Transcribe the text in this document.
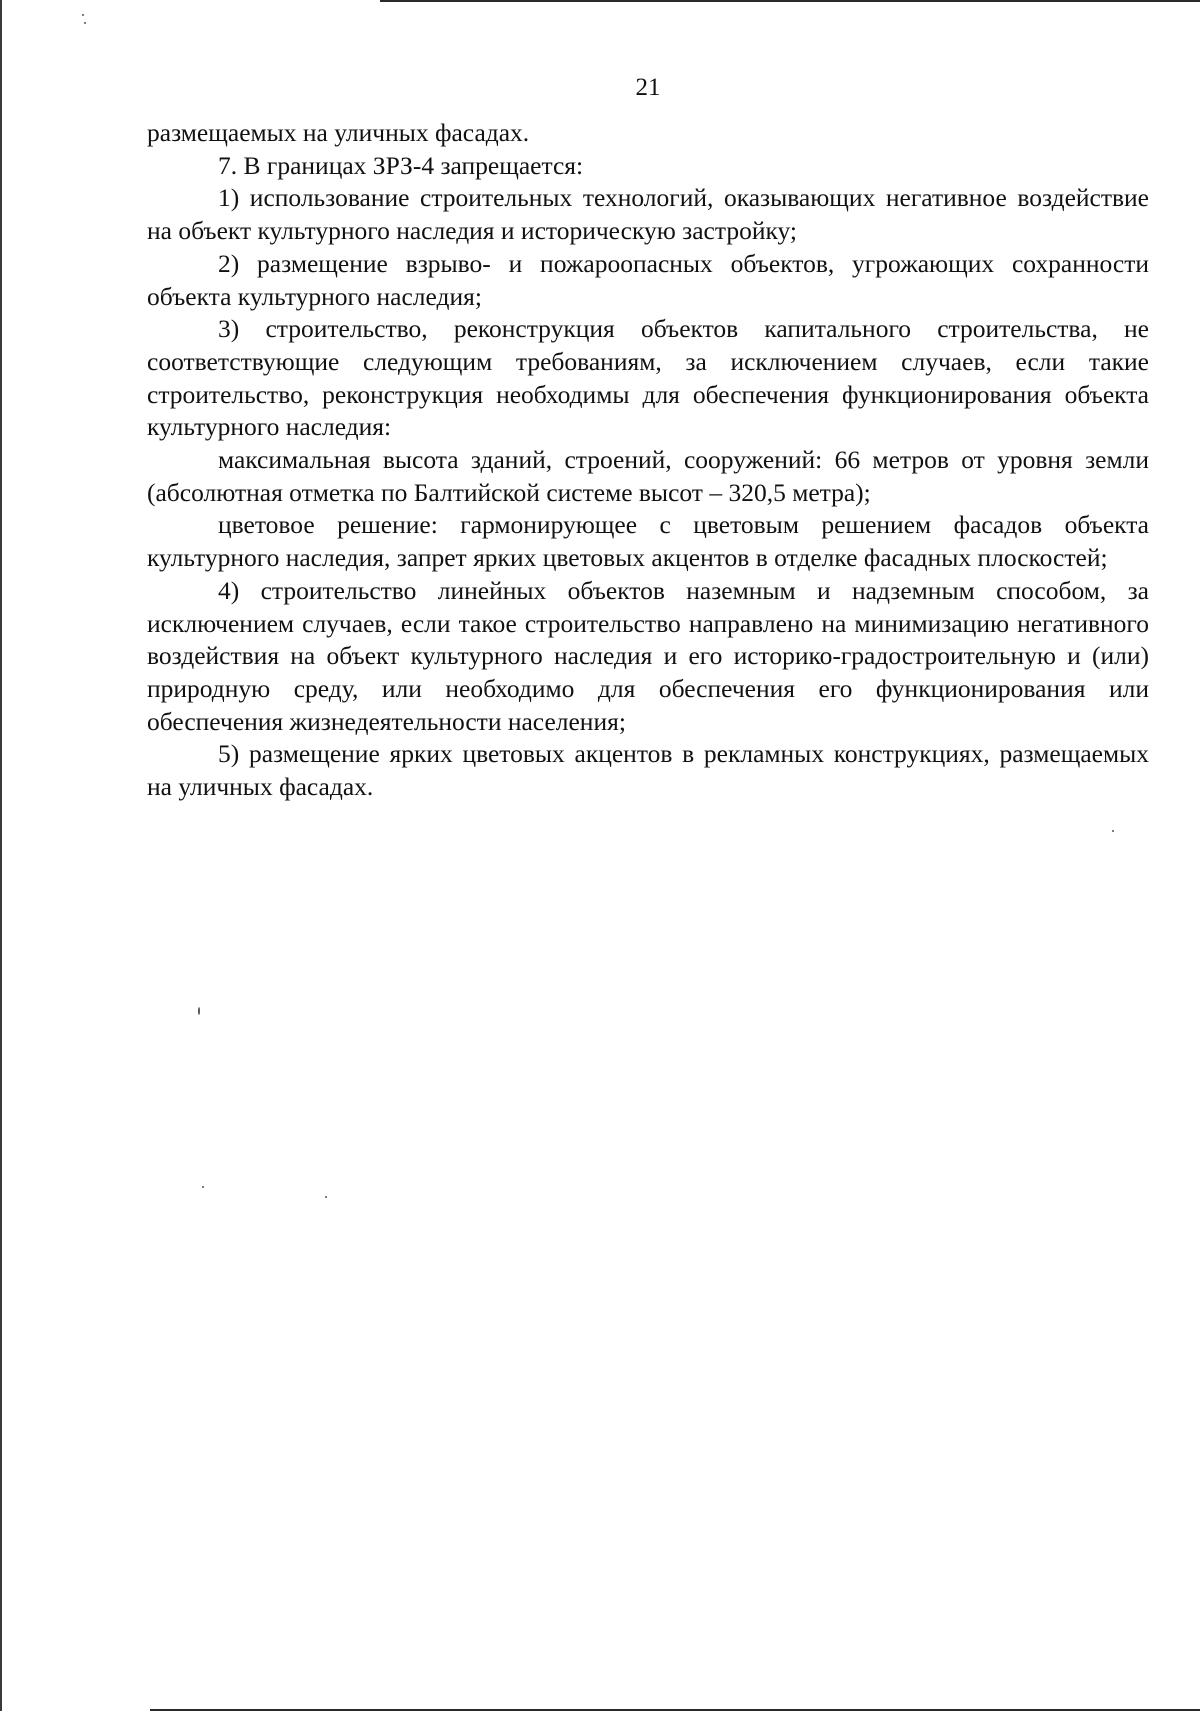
21

размещаемых на уличных фасадах.

7. В границах ЗРЗ-4 запрещается:

1) использование строительных технологий, оказывающих негативное воздействие на объект культурного наследия и историческую застройку;

2) размещение взрыво- и пожароопасных объектов, угрожающих сохранности объекта культурного наследия;

3) строительство, реконструкция объектов капитального строительства, не соответствующие следующим требованиям, за исключением случаев, если такие строительство, реконструкция необходимы для обеспечения функционирования объекта культурного наследия:

максимальная высота зданий, строений, сооружений: 66 метров от уровня земли (абсолютная отметка по Балтийской системе высот – 320,5 метра);

цветовое решение: гармонирующее с цветовым решением фасадов объекта культурного наследия, запрет ярких цветовых акцентов в отделке фасадных плоскостей;

4) строительство линейных объектов наземным и надземным способом, за исключением случаев, если такое строительство направлено на минимизацию негативного воздействия на объект культурного наследия и его историко-градостроительную и (или) природную среду, или необходимо для обеспечения его функционирования или обеспечения жизнедеятельности населения;

5) размещение ярких цветовых акцентов в рекламных конструкциях, размещаемых на уличных фасадах.
